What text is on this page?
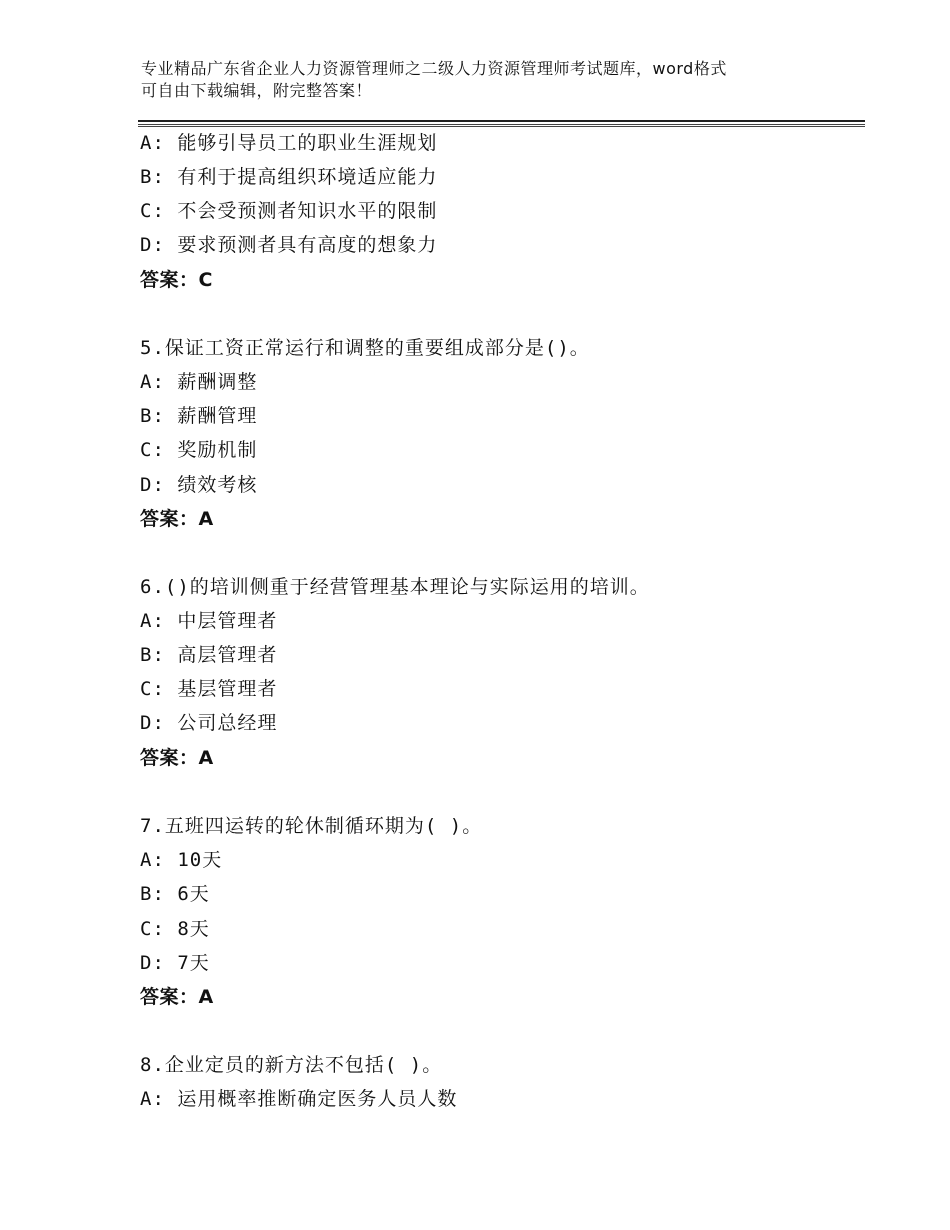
专业精品广东省企业人力资源管理师之二级人力资源管理师考试题库，word格式
可自由下载编辑，附完整答案！
A: 能够引导员工的职业生涯规划
B: 有利于提高组织环境适应能力
C: 不会受预测者知识水平的限制
D: 要求预测者具有高度的想象力
答案：C
5.保证工资正常运行和调整的重要组成部分是()。
A: 薪酬调整
B: 薪酬管理
C: 奖励机制
D: 绩效考核
答案：A
6.()的培训侧重于经营管理基本理论与实际运用的培训。
A: 中层管理者
B: 高层管理者
C: 基层管理者
D: 公司总经理
答案：A
7.五班四运转的轮休制循环期为( )。
A: 10天
B: 6天
C: 8天
D: 7天
答案：A
8.企业定员的新方法不包括( )。
A: 运用概率推断确定医务人员人数
